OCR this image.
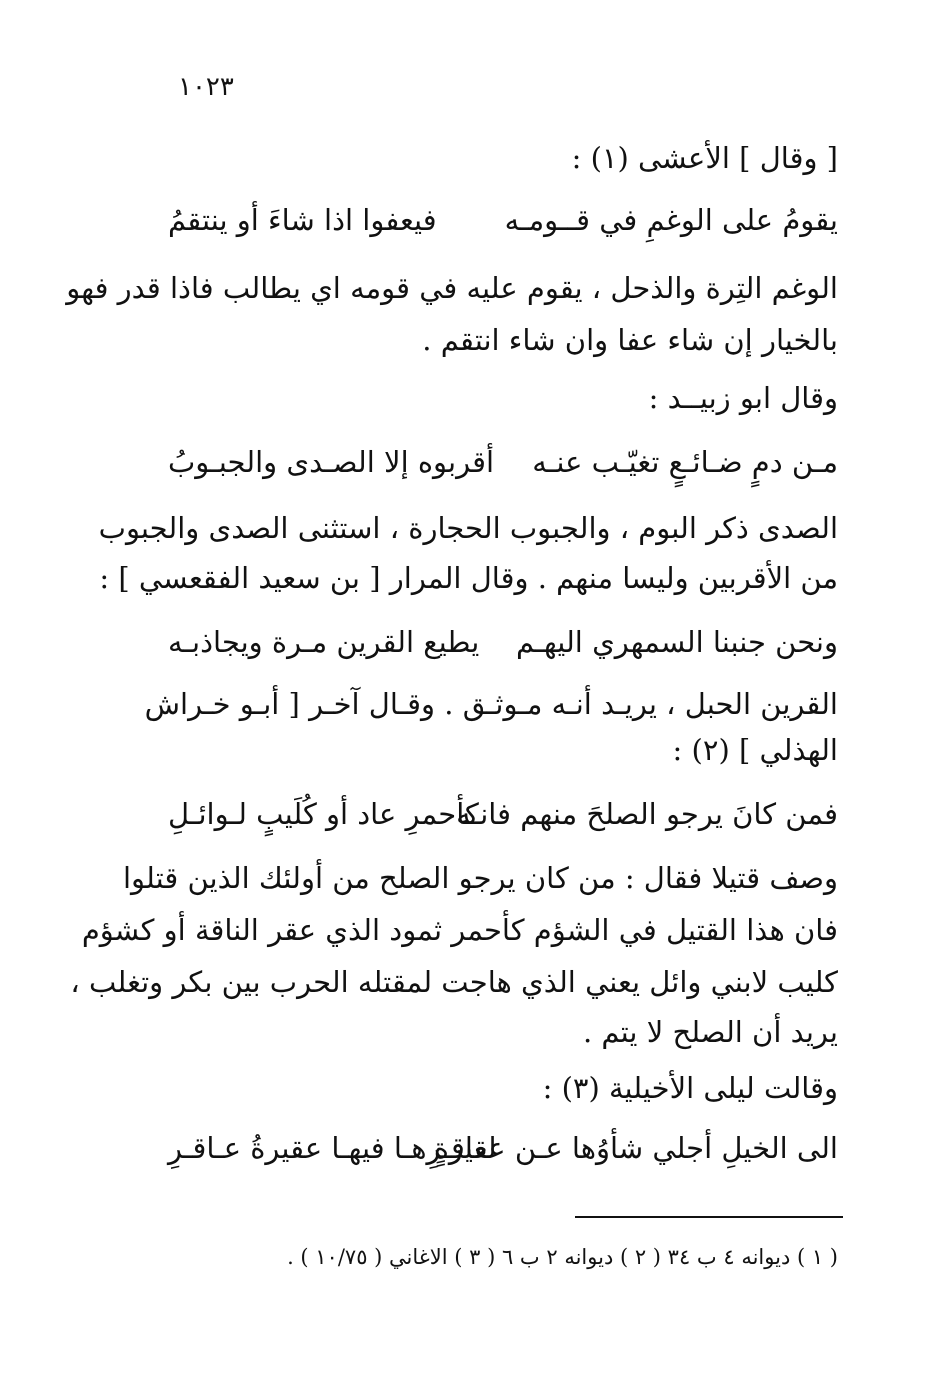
١٠٢٣
[ وقال ] الأعشى (١) :
يقومُ على الوغمِ في قــومـه
فيعفوا اذا شاءَ أو ينتقمُ
الوغم التِرة والذحل ، يقوم عليه في قومه اي يطالب فاذا قدر فهو
بالخيار إن شاء عفا وان شاء انتقم .
وقال ابو زبيــد :
مـن دمٍ ضـائـعٍ تغيّـب عنـه
أقربوه إلا الصـدى والجبـوبُ
الصدى ذكر البوم ، والجبوب الحجارة ، استثنى الصدى والجبوب
من الأقربين وليسا منهم . وقال المرار [ بن سعيد الفقعسي ] :
ونحن جنبنا السمهري اليهـم
يطيع القرين مـرة ويجاذبـه
القرين الحبل ، يريـد أنـه مـوثـق . وقـال آخـر [ أبـو خـراش
الهذلي ] (٢) :
فمن كانَ يرجو الصلحَ منهم فانـه
كأحمرِ عاد أو كُلَيبٍ لـوائـلِ
وصف قتيلا فقال : من كان يرجو الصلح من أولئك الذين قتلوا
فان هذا القتيل في الشؤم كأحمر ثمود الذي عقر الناقة أو كشؤم
كليب لابني وائل يعني الذي هاجت لمقتله الحرب بين بكر وتغلب ،
يريد أن الصلح لا يتم .
وقالت ليلى الأخيلية (٣) :
الى الخيلِ أجلي شأوُها عـن عقيرةٍ
لعاقـرِهـا فيهـا عقيرةُ عـاقـرِ
( ١ ) ديوانه ٤ ب ٣٤ ( ٢ ) ديوانه ٢ ب ٦ ( ٣ ) الاغاني ( ١٠/٧٥ ) .
